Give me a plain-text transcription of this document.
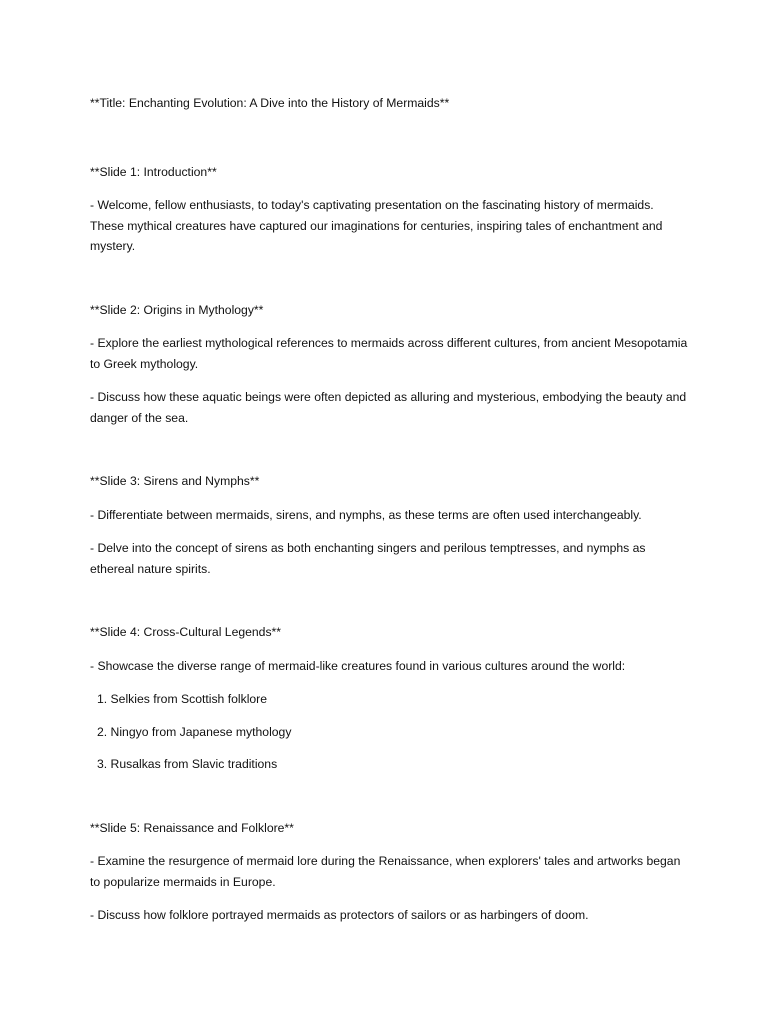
**Title: Enchanting Evolution: A Dive into the History of Mermaids**

**Slide 1: Introduction**

- Welcome, fellow enthusiasts, to today's captivating presentation on the fascinating history of mermaids. These mythical creatures have captured our imaginations for centuries, inspiring tales of enchantment and mystery.

**Slide 2: Origins in Mythology**

- Explore the earliest mythological references to mermaids across different cultures, from ancient Mesopotamia to Greek mythology.

- Discuss how these aquatic beings were often depicted as alluring and mysterious, embodying the beauty and danger of the sea.

**Slide 3: Sirens and Nymphs**

- Differentiate between mermaids, sirens, and nymphs, as these terms are often used interchangeably.

- Delve into the concept of sirens as both enchanting singers and perilous temptresses, and nymphs as ethereal nature spirits.

**Slide 4: Cross-Cultural Legends**

- Showcase the diverse range of mermaid-like creatures found in various cultures around the world:

1. Selkies from Scottish folklore

2. Ningyo from Japanese mythology

3. Rusalkas from Slavic traditions

**Slide 5: Renaissance and Folklore**

- Examine the resurgence of mermaid lore during the Renaissance, when explorers' tales and artworks began to popularize mermaids in Europe.

- Discuss how folklore portrayed mermaids as protectors of sailors or as harbingers of doom.
